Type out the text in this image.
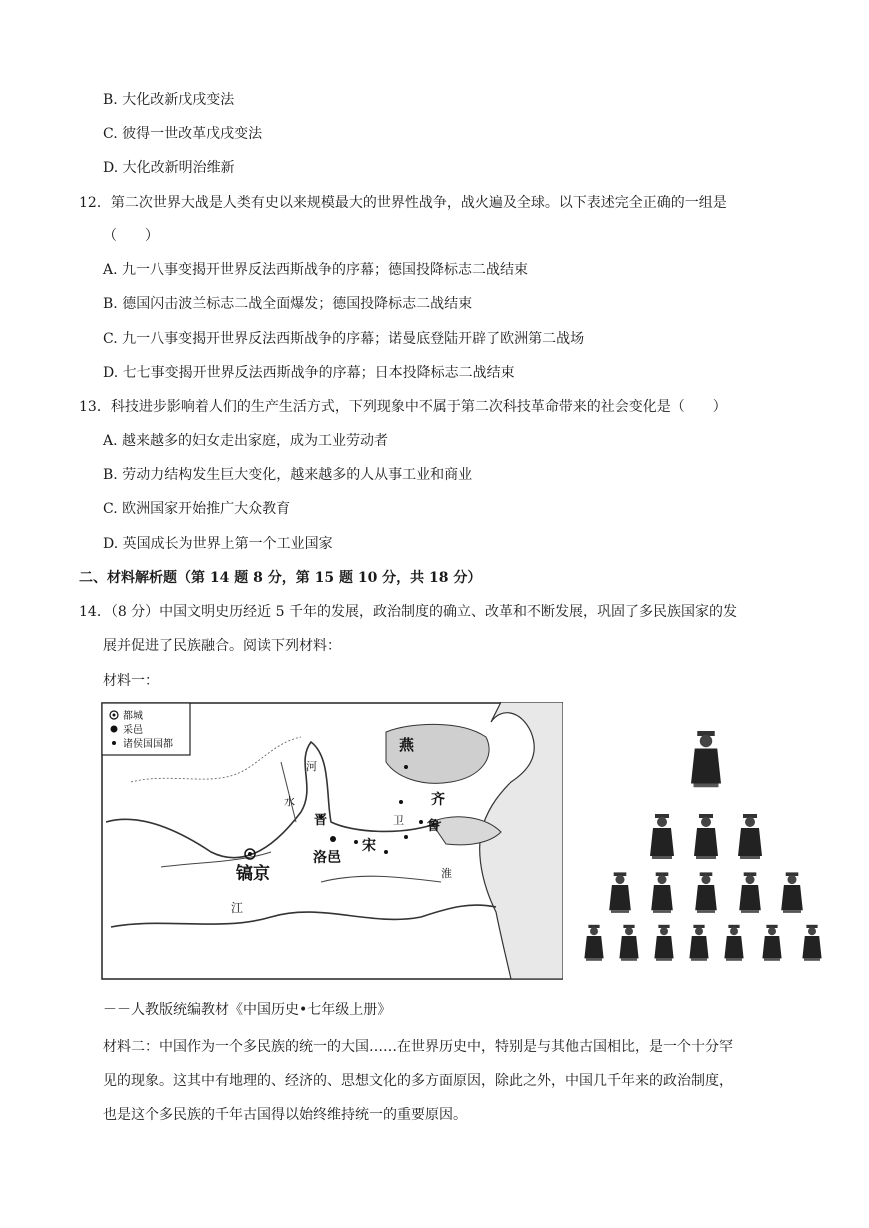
B. 大化改新戊戌变法
C. 彼得一世改革戊戌变法
D. 大化改新明治维新
12．第二次世界大战是人类有史以来规模最大的世界性战争，战火遍及全球。以下表述完全正确的一组是
（　　）
A. 九一八事变揭开世界反法西斯战争的序幕；德国投降标志二战结束
B. 德国闪击波兰标志二战全面爆发；德国投降标志二战结束
C. 九一八事变揭开世界反法西斯战争的序幕；诺曼底登陆开辟了欧洲第二战场
D. 七七事变揭开世界反法西斯战争的序幕；日本投降标志二战结束
13．科技进步影响着人们的生产生活方式，下列现象中不属于第二次科技革命带来的社会变化是（　　）
A. 越来越多的妇女走出家庭，成为工业劳动者
B. 劳动力结构发生巨大变化，越来越多的人从事工业和商业
C. 欧洲国家开始推广大众教育
D. 英国成长为世界上第一个工业国家
二、材料解析题（第 14 题 8 分，第 15 题 10 分，共 18 分）
14．（8 分）中国文明史历经近 5 千年的发展，政治制度的确立、改革和不断发展，巩固了多民族国家的发
展并促进了民族融合。阅读下列材料：
材料一：
都城
采邑
诸侯国国都	燕
齐
鲁
晋
宋
洛邑
镐京
河
水
江
淮
卫
－－人教版统编教材《中国历史•七年级上册》
材料二：中国作为一个多民族的统一的大国……在世界历史中，特别是与其他古国相比，是一个十分罕
见的现象。这其中有地理的、经济的、思想文化的多方面原因，除此之外，中国几千年来的政治制度，
也是这个多民族的千年古国得以始终维持统一的重要原因。
